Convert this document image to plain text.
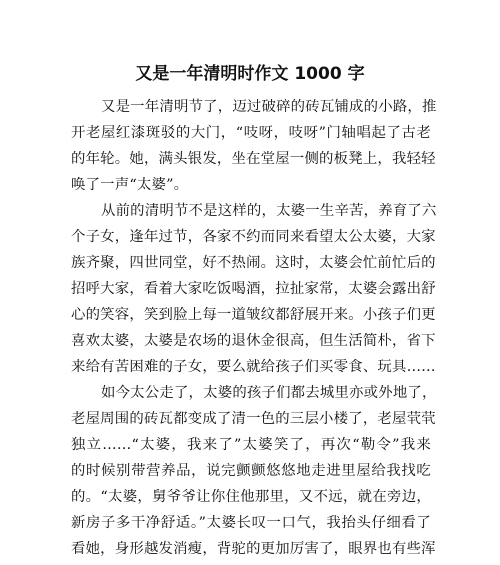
又是一年清明时作文 1000 字
又是一年清明节了，迈过破碎的砖瓦铺成的小路，推
开老屋红漆斑驳的大门，“吱呀，吱呀”门轴唱起了古老
的年轮。她，满头银发，坐在堂屋一侧的板凳上，我轻轻
唤了一声“太婆”。
从前的清明节不是这样的，太婆一生辛苦，养育了六
个子女，逢年过节，各家不约而同来看望太公太婆，大家
族齐聚，四世同堂，好不热闹。这时，太婆会忙前忙后的
招呼大家，看着大家吃饭喝酒，拉扯家常，太婆会露出舒
心的笑容，笑到脸上每一道皱纹都舒展开来。小孩子们更
喜欢太婆，太婆是农场的退休金很高，但生活简朴，省下
来给有苦困难的子女，要么就给孩子们买零食、玩具……
如今太公走了，太婆的孩子们都去城里亦或外地了，
老屋周围的砖瓦都变成了清一色的三层小楼了，老屋茕茕
独立……“太婆，我来了”太婆笑了，再次“勒令”我来
的时候别带营养品，说完颤颤悠悠地走进里屋给我找吃
的。“太婆，舅爷爷让你住他那里，又不远，就在旁边，
新房子多干净舒适。”太婆长叹一口气，我抬头仔细看了
看她，身形越发消瘦，背驼的更加厉害了，眼界也有些浑
